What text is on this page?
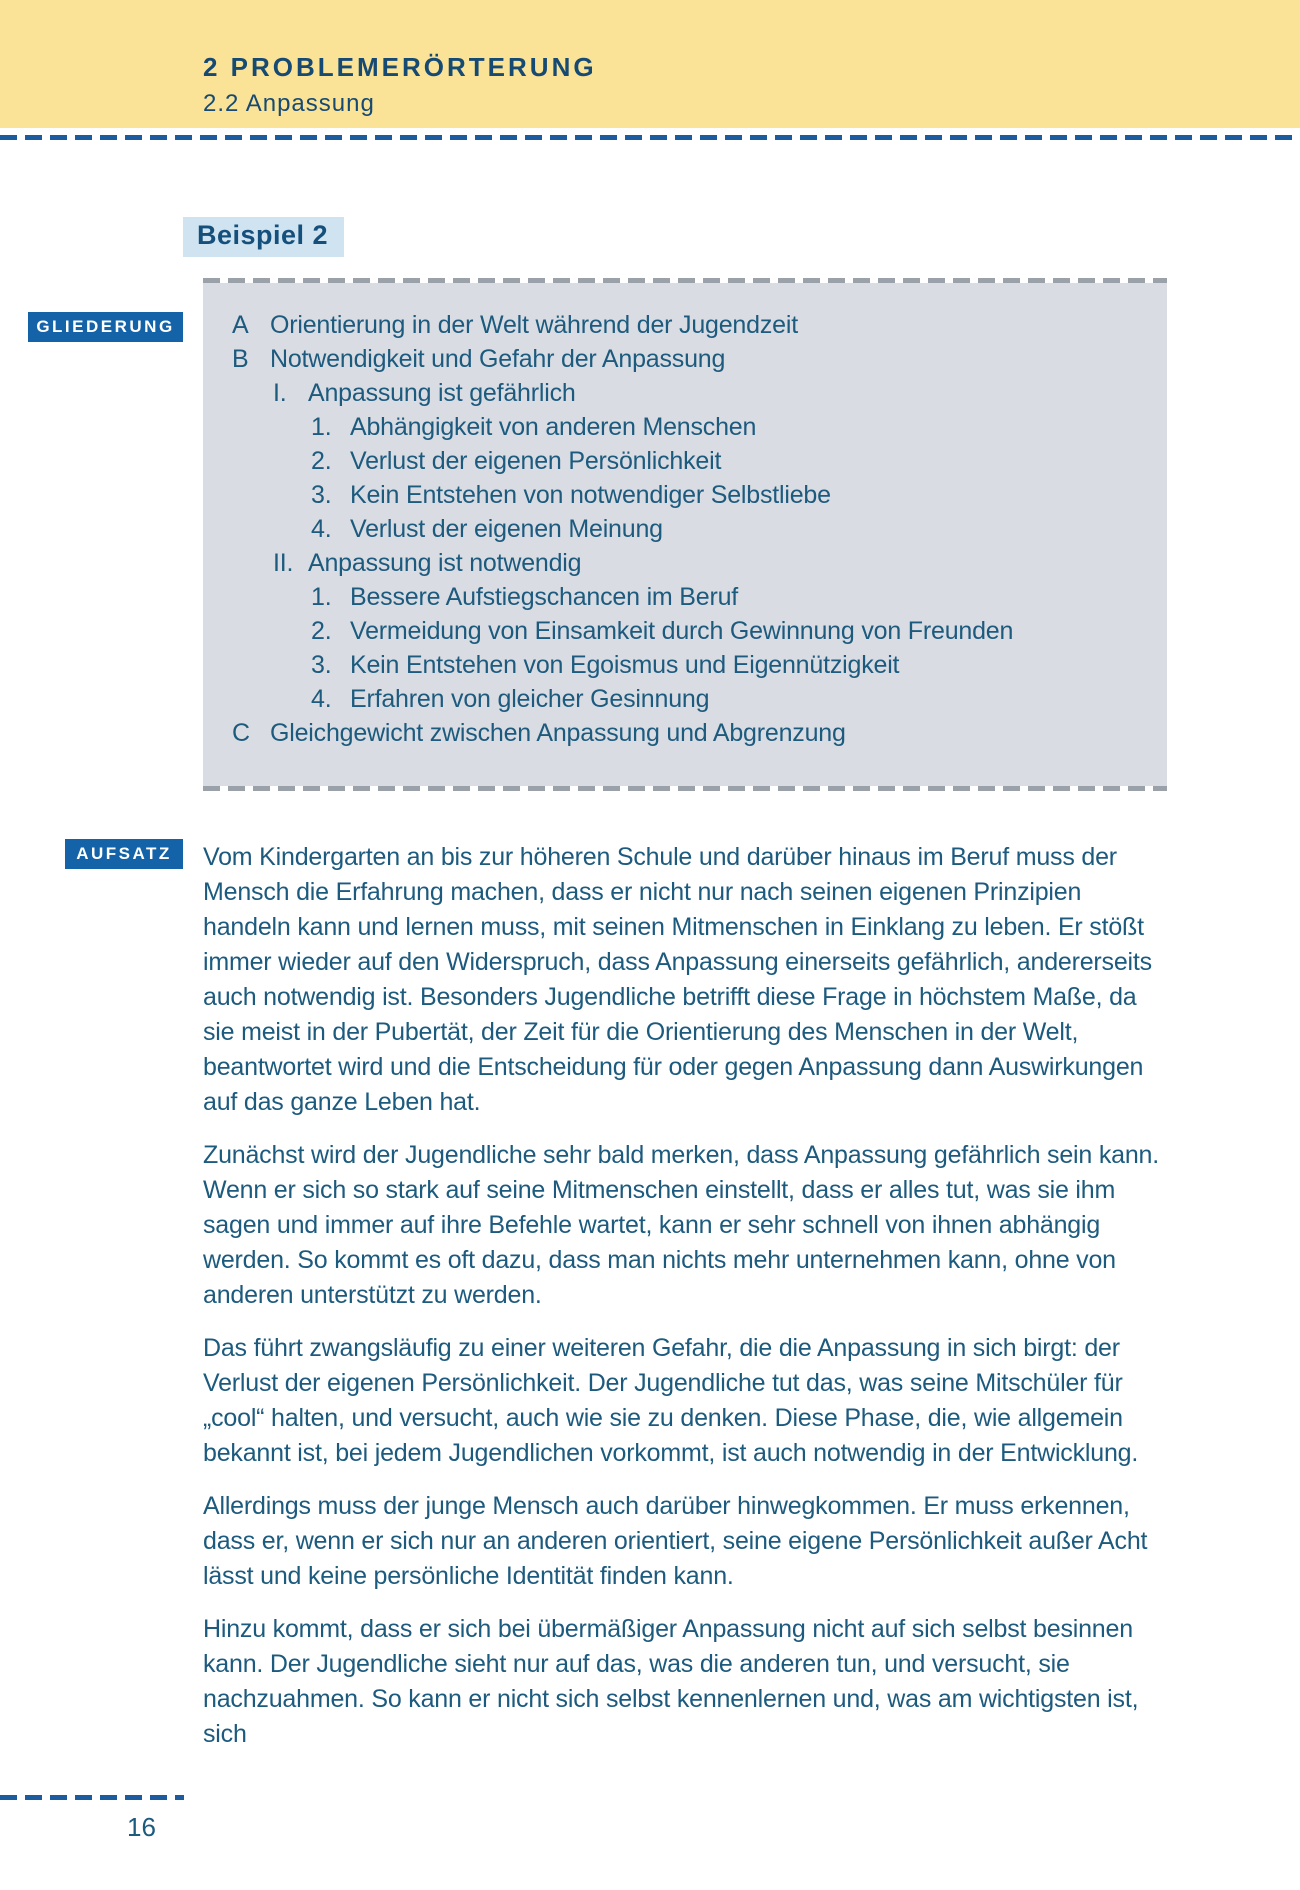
2 PROBLEMERÖRTERUNG
2.2 Anpassung
Beispiel 2
GLIEDERUNG	A Orientierung in der Welt während der Jugendzeit
B Notwendigkeit und Gefahr der Anpassung
I. Anpassung ist gefährlich
1. Abhängigkeit von anderen Menschen
2. Verlust der eigenen Persönlichkeit
3. Kein Entstehen von notwendiger Selbstliebe
4. Verlust der eigenen Meinung
II. Anpassung ist notwendig
1. Bessere Aufstiegschancen im Beruf
2. Vermeidung von Einsamkeit durch Gewinnung von Freunden
3. Kein Entstehen von Egoismus und Eigennützigkeit
4. Erfahren von gleicher Gesinnung
C Gleichgewicht zwischen Anpassung und Abgrenzung
AUFSATZ	Vom Kindergarten an bis zur höheren Schule und darüber hinaus im Beruf muss der Mensch die Erfahrung machen, dass er nicht nur nach seinen eigenen Prinzipien handeln kann und lernen muss, mit seinen Mitmenschen in Einklang zu leben. Er stößt immer wieder auf den Widerspruch, dass Anpassung einerseits gefährlich, andererseits auch notwendig ist. Besonders Jugendliche betrifft diese Frage in höchstem Maße, da sie meist in der Pubertät, der Zeit für die Orientierung des Menschen in der Welt, beantwortet wird und die Entscheidung für oder gegen Anpassung dann Auswirkungen auf das ganze Leben hat.

Zunächst wird der Jugendliche sehr bald merken, dass Anpassung gefährlich sein kann. Wenn er sich so stark auf seine Mitmenschen einstellt, dass er alles tut, was sie ihm sagen und immer auf ihre Befehle wartet, kann er sehr schnell von ihnen abhängig werden. So kommt es oft dazu, dass man nichts mehr unternehmen kann, ohne von anderen unterstützt zu werden.

Das führt zwangsläufig zu einer weiteren Gefahr, die die Anpassung in sich birgt: der Verlust der eigenen Persönlichkeit. Der Jugendliche tut das, was seine Mitschüler für „cool“ halten, und versucht, auch wie sie zu denken. Diese Phase, die, wie allgemein bekannt ist, bei jedem Jugendlichen vorkommt, ist auch notwendig in der Entwicklung.

Allerdings muss der junge Mensch auch darüber hinwegkommen. Er muss erkennen, dass er, wenn er sich nur an anderen orientiert, seine eigene Persönlichkeit außer Acht lässt und keine persönliche Identität finden kann.

Hinzu kommt, dass er sich bei übermäßiger Anpassung nicht auf sich selbst besinnen kann. Der Jugendliche sieht nur auf das, was die anderen tun, und versucht, sie nachzuahmen. So kann er nicht sich selbst kennenlernen und, was am wichtigsten ist, sich

16
